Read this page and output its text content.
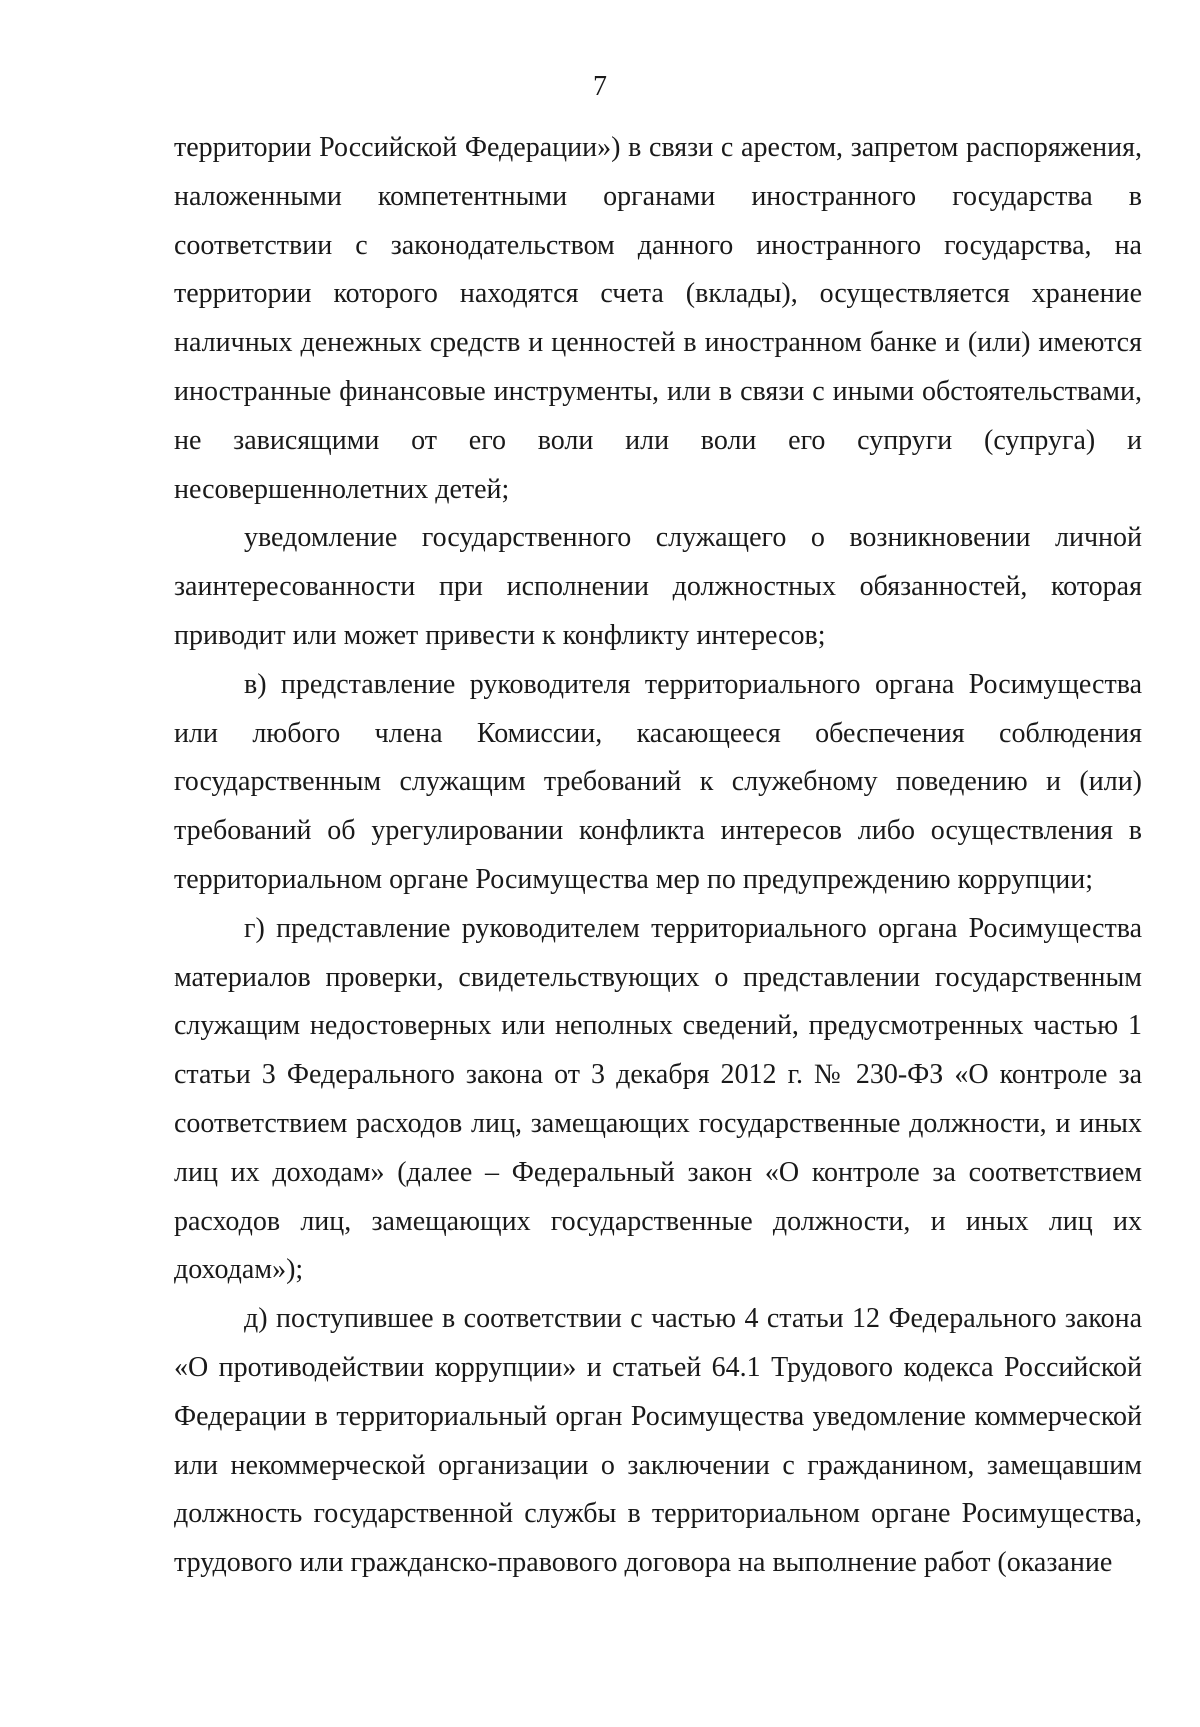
7

территории Российской Федерации») в связи с арестом, запретом распоряжения, наложенными компетентными органами иностранного государства в соответствии с законодательством данного иностранного государства, на территории которого находятся счета (вклады), осуществляется хранение наличных денежных средств и ценностей в иностранном банке и (или) имеются иностранные финансовые инструменты, или в связи с иными обстоятельствами, не зависящими от его воли или воли его супруги (супруга) и несовершеннолетних детей;

уведомление государственного служащего о возникновении личной заинтересованности при исполнении должностных обязанностей, которая приводит или может привести к конфликту интересов;

в) представление руководителя территориального органа Росимущества или любого члена Комиссии, касающееся обеспечения соблюдения государственным служащим требований к служебному поведению и (или) требований об урегулировании конфликта интересов либо осуществления в территориальном органе Росимущества мер по предупреждению коррупции;

г) представление руководителем территориального органа Росимущества материалов проверки, свидетельствующих о представлении государственным служащим недостоверных или неполных сведений, предусмотренных частью 1 статьи 3 Федерального закона от 3 декабря 2012 г. № 230-ФЗ «О контроле за соответствием расходов лиц, замещающих государственные должности, и иных лиц их доходам» (далее – Федеральный закон «О контроле за соответствием расходов лиц, замещающих государственные должности, и иных лиц их доходам»);

д) поступившее в соответствии с частью 4 статьи 12 Федерального закона «О противодействии коррупции» и статьей 64.1 Трудового кодекса Российской Федерации в территориальный орган Росимущества уведомление коммерческой или некоммерческой организации о заключении с гражданином, замещавшим должность государственной службы в территориальном органе Росимущества, трудового или гражданско-правового договора на выполнение работ (оказание
